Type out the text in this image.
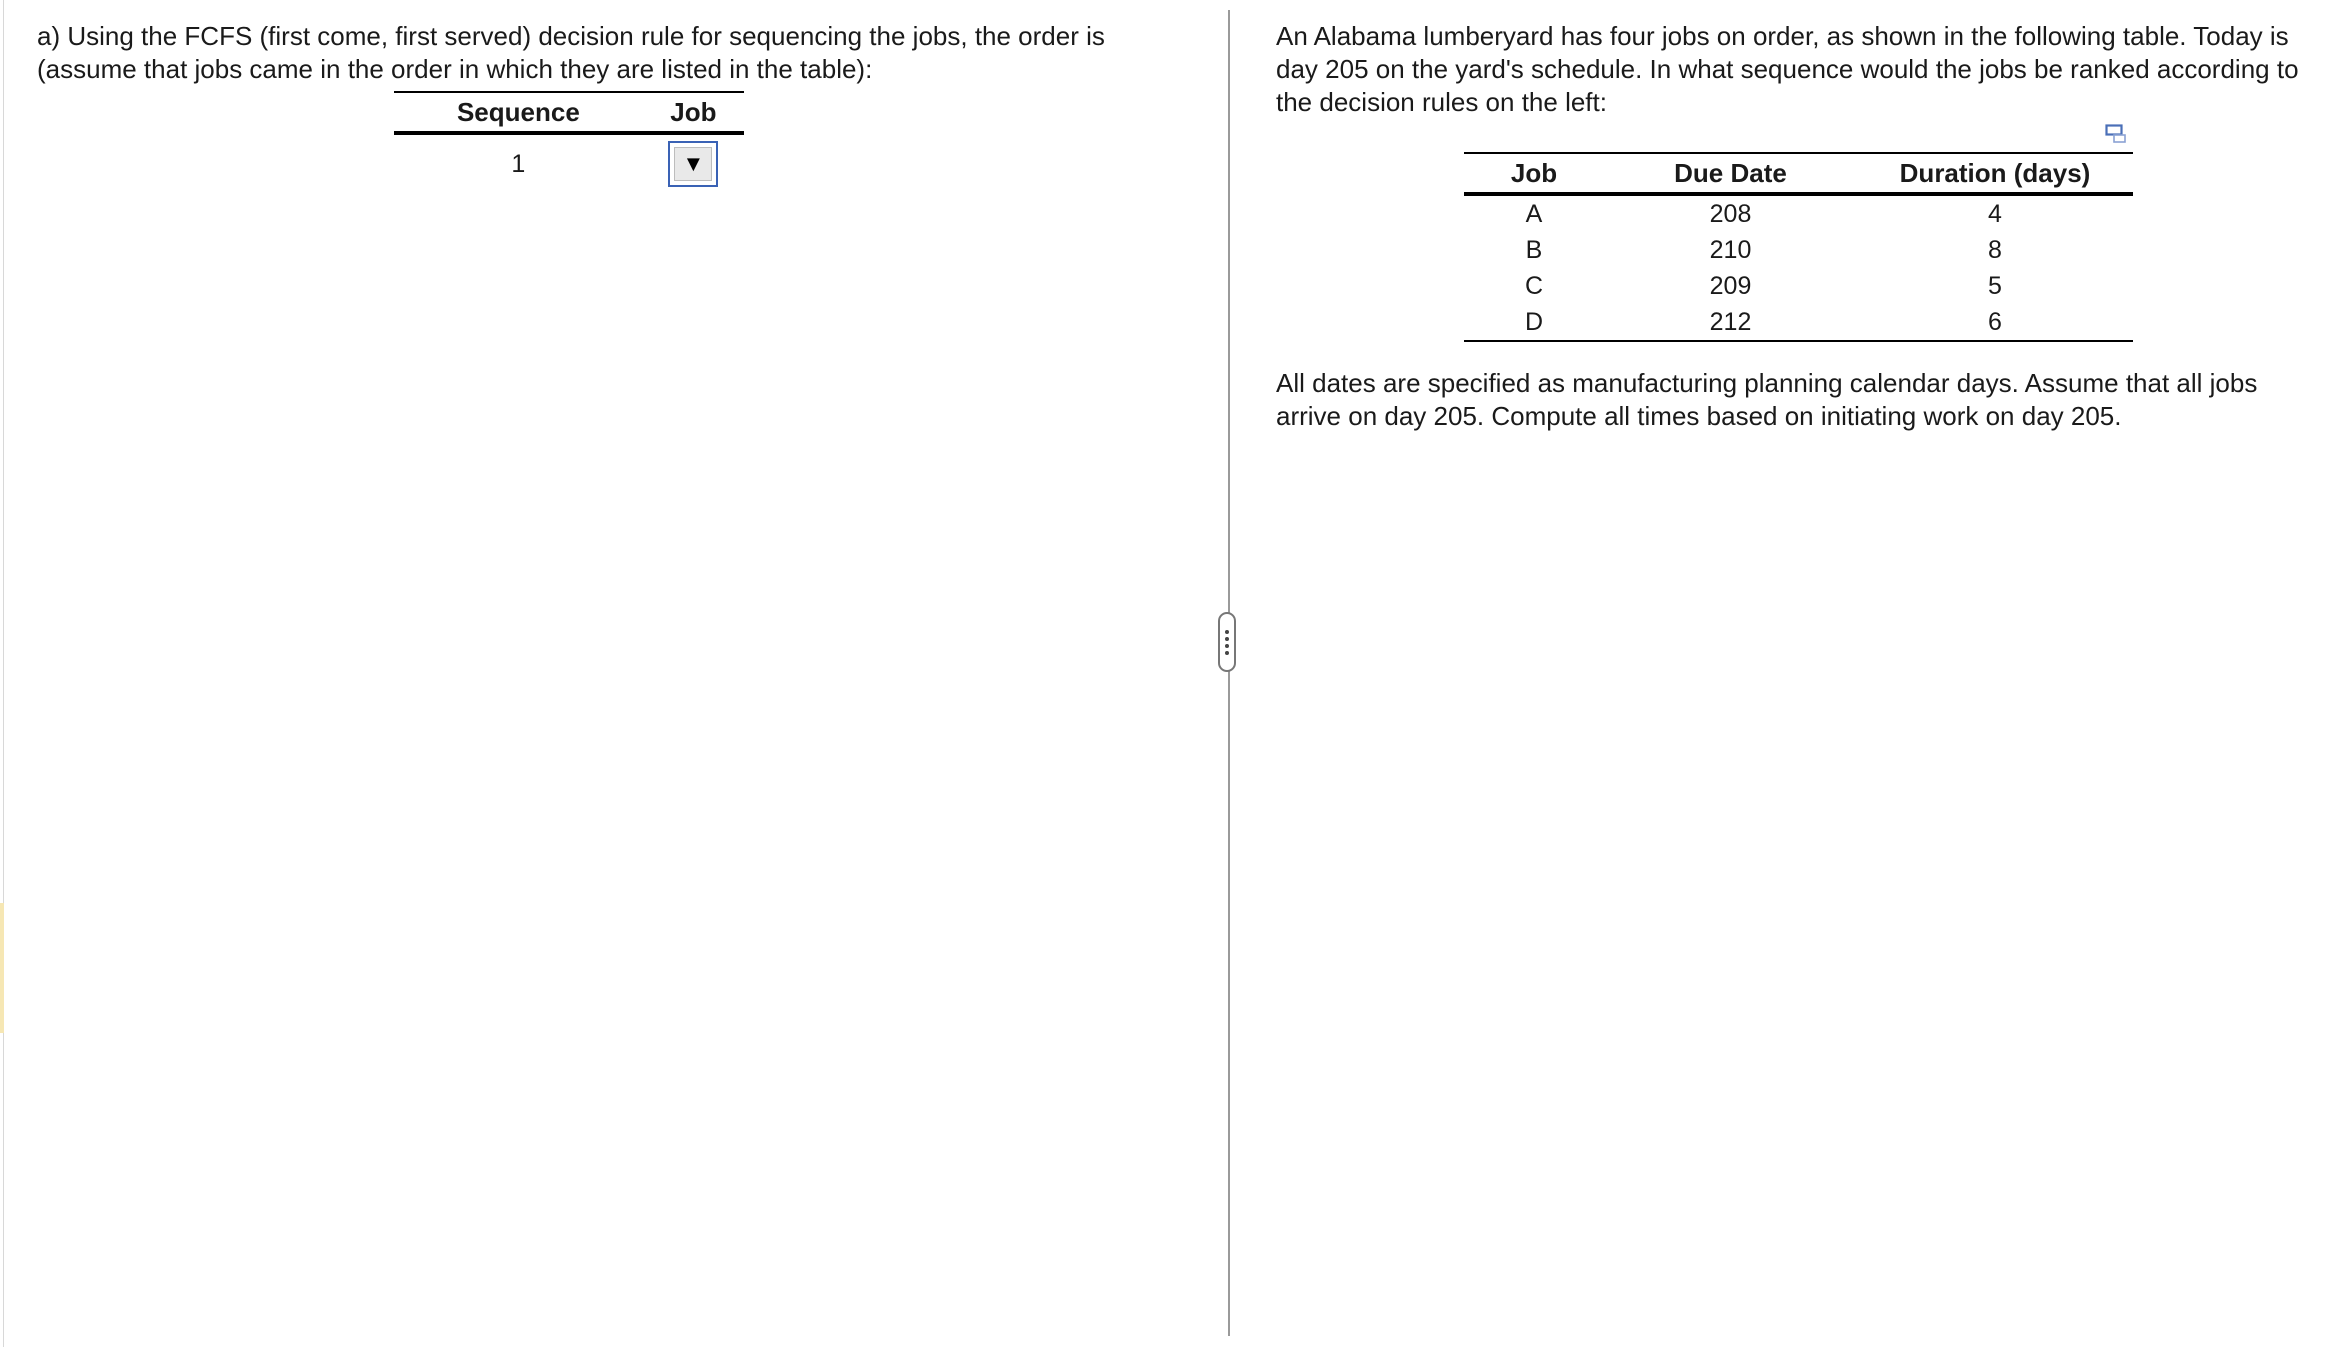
a) Using the FCFS (first come, first served) decision rule for sequencing the jobs, the order is (assume that jobs came in the order in which they are listed in the table):

Sequence	Job
1	▼

An Alabama lumberyard has four jobs on order, as shown in the following table. Today is day 205 on the yard's schedule. In what sequence would the jobs be ranked according to the decision rules on the left:

Job	Due Date	Duration (days)
A	208	4
B	210	8
C	209	5
D	212	6

All dates are specified as manufacturing planning calendar days. Assume that all jobs arrive on day 205. Compute all times based on initiating work on day 205.
